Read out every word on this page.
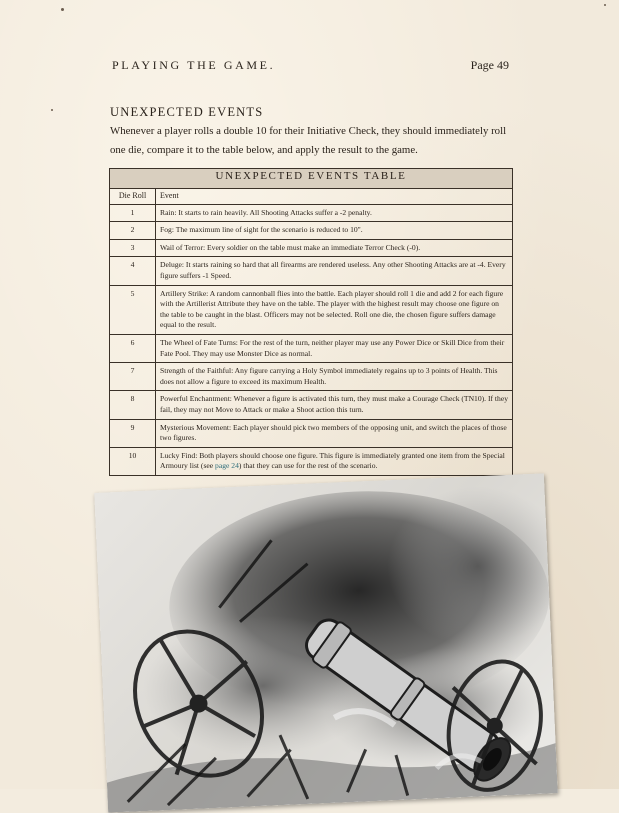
PLAYING THE GAME.	Page 49
UNEXPECTED EVENTS
Whenever a player rolls a double 10 for their Initiative Check, they should immediately roll one die, compare it to the table below, and apply the result to the game.
UNEXPECTED EVENTS TABLE	
Die Roll	Event
1	Rain: It starts to rain heavily. All Shooting Attacks suffer a -2 penalty.
2	Fog: The maximum line of sight for the scenario is reduced to 10".
3	Wail of Terror: Every soldier on the table must make an immediate Terror Check (-0).
4	Deluge: It starts raining so hard that all firearms are rendered useless. Any other Shooting Attacks are at -4. Every figure suffers -1 Speed.
5	Artillery Strike: A random cannonball flies into the battle. Each player should roll 1 die and add 2 for each figure with the Artillerist Attribute they have on the table. The player with the highest result may choose one figure on the table to be caught in the blast. Officers may not be selected. Roll one die, the chosen figure suffers damage equal to the result.
6	The Wheel of Fate Turns: For the rest of the turn, neither player may use any Power Dice or Skill Dice from their Fate Pool. They may use Monster Dice as normal.
7	Strength of the Faithful: Any figure carrying a Holy Symbol immediately regains up to 3 points of Health. This does not allow a figure to exceed its maximum Health.
8	Powerful Enchantment: Whenever a figure is activated this turn, they must make a Courage Check (TN10). If they fail, they may not Move to Attack or make a Shoot action this turn.
9	Mysterious Movement: Each player should pick two members of the opposing unit, and switch the places of those two figures.
10	Lucky Find: Both players should choose one figure. This figure is immediately granted one item from the Special Armoury list (see page 24) that they can use for the rest of the scenario.
